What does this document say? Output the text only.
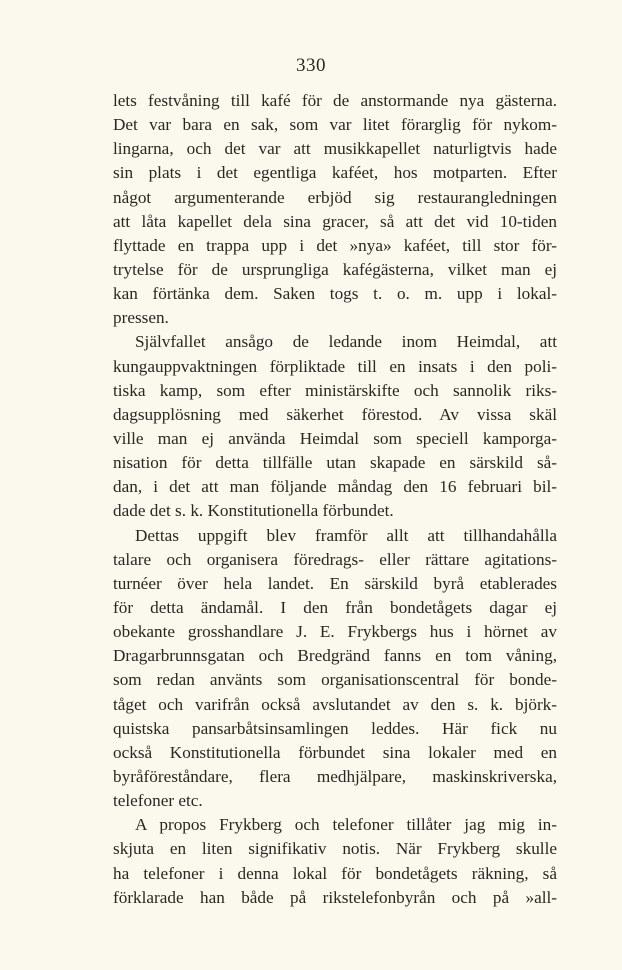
330
lets festvåning till kafé för de anstormande nya gästerna.
Det var bara en sak, som var litet förarglig för nykom-
lingarna, och det var att musikkapellet naturligtvis hade
sin plats i det egentliga kaféet, hos motparten. Efter
något argumenterande erbjöd sig restaurangledningen
att låta kapellet dela sina gracer, så att det vid 10-tiden
flyttade en trappa upp i det »nya» kaféet, till stor för-
trytelse för de ursprungliga kafégästerna, vilket man ej
kan förtänka dem. Saken togs t. o. m. upp i lokal-
pressen.
Självfallet ansågo de ledande inom Heimdal, att
kungauppvaktningen förpliktade till en insats i den poli-
tiska kamp, som efter ministärskifte och sannolik riks-
dagsupplösning med säkerhet förestod. Av vissa skäl
ville man ej använda Heimdal som speciell kamporga-
nisation för detta tillfälle utan skapade en särskild så-
dan, i det att man följande måndag den 16 februari bil-
dade det s. k. Konstitutionella förbundet.
Dettas uppgift blev framför allt att tillhandahålla
talare och organisera föredrags- eller rättare agitations-
turnéer över hela landet. En särskild byrå etablerades
för detta ändamål. I den från bondetågets dagar ej
obekante grosshandlare J. E. Frykbergs hus i hörnet av
Dragarbrunnsgatan och Bredgränd fanns en tom våning,
som redan använts som organisationscentral för bonde-
tåget och varifrån också avslutandet av den s. k. björk-
quistska pansarbåtsinsamlingen leddes. Här fick nu
också Konstitutionella förbundet sina lokaler med en
byråföreståndare, flera medhjälpare, maskinskriverska,
telefoner etc.
A propos Frykberg och telefoner tillåter jag mig in-
skjuta en liten signifikativ notis. När Frykberg skulle
ha telefoner i denna lokal för bondetågets räkning, så
förklarade han både på rikstelefonbyrån och på »all-
